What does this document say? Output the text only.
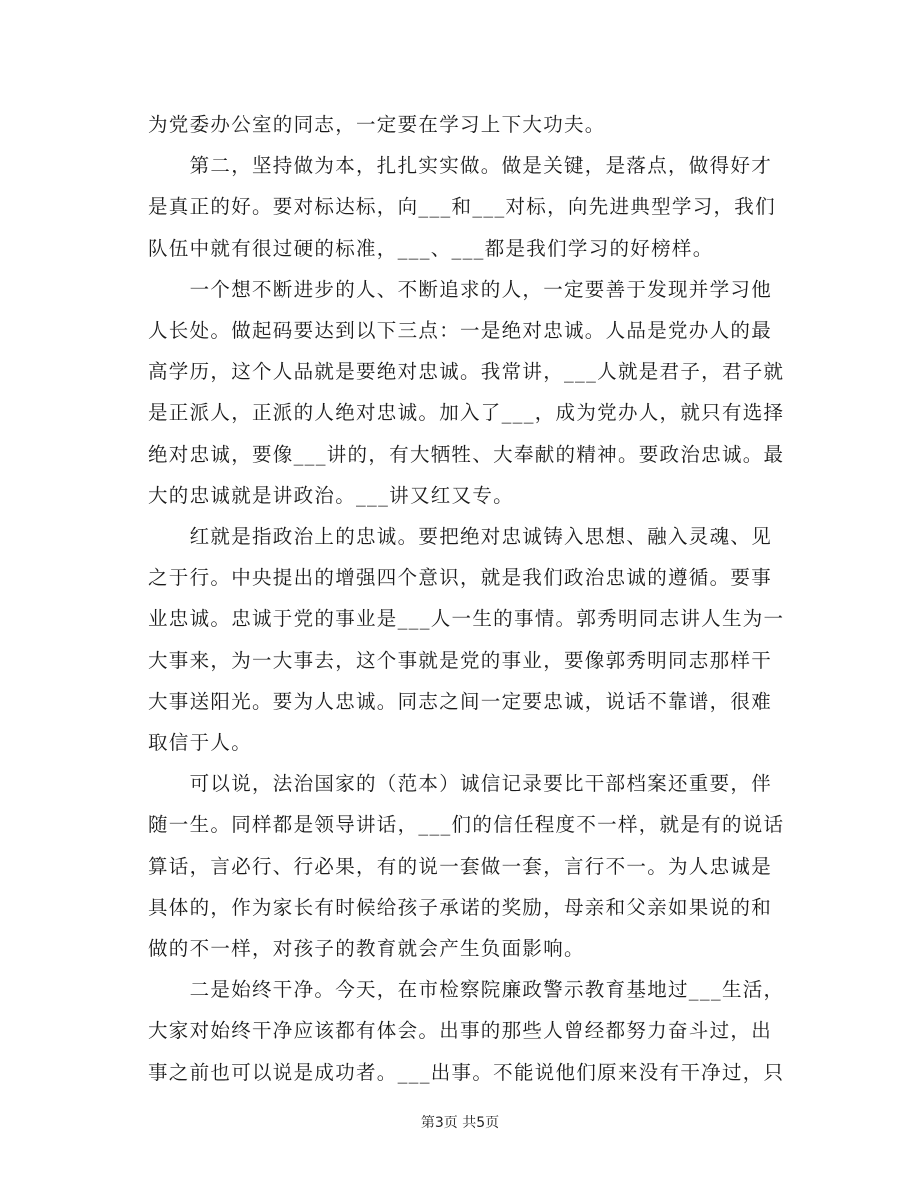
为党委办公室的同志，一定要在学习上下大功夫。

　　第二，坚持做为本，扎扎实实做。做是关键，是落点，做得好才
是真正的好。要对标达标，向___和___对标，向先进典型学习，我们
队伍中就有很过硬的标准，___、___都是我们学习的好榜样。

　　一个想不断进步的人、不断追求的人，一定要善于发现并学习他
人长处。做起码要达到以下三点：一是绝对忠诚。人品是党办人的最
高学历，这个人品就是要绝对忠诚。我常讲，___人就是君子，君子就
是正派人，正派的人绝对忠诚。加入了___，成为党办人，就只有选择
绝对忠诚，要像___讲的，有大牺牲、大奉献的精神。要政治忠诚。最
大的忠诚就是讲政治。___讲又红又专。

　　红就是指政治上的忠诚。要把绝对忠诚铸入思想、融入灵魂、见
之于行。中央提出的增强四个意识，就是我们政治忠诚的遵循。要事
业忠诚。忠诚于党的事业是___人一生的事情。郭秀明同志讲人生为一
大事来，为一大事去，这个事就是党的事业，要像郭秀明同志那样干
大事送阳光。要为人忠诚。同志之间一定要忠诚，说话不靠谱，很难
取信于人。

　　可以说，法治国家的（范本）诚信记录要比干部档案还重要，伴
随一生。同样都是领导讲话，___们的信任程度不一样，就是有的说话
算话，言必行、行必果，有的说一套做一套，言行不一。为人忠诚是
具体的，作为家长有时候给孩子承诺的奖励，母亲和父亲如果说的和
做的不一样，对孩子的教育就会产生负面影响。

　　二是始终干净。今天，在市检察院廉政警示教育基地过___生活，
大家对始终干净应该都有体会。出事的那些人曾经都努力奋斗过，出
事之前也可以说是成功者。___出事。不能说他们原来没有干净过，只

第3页 共5页
